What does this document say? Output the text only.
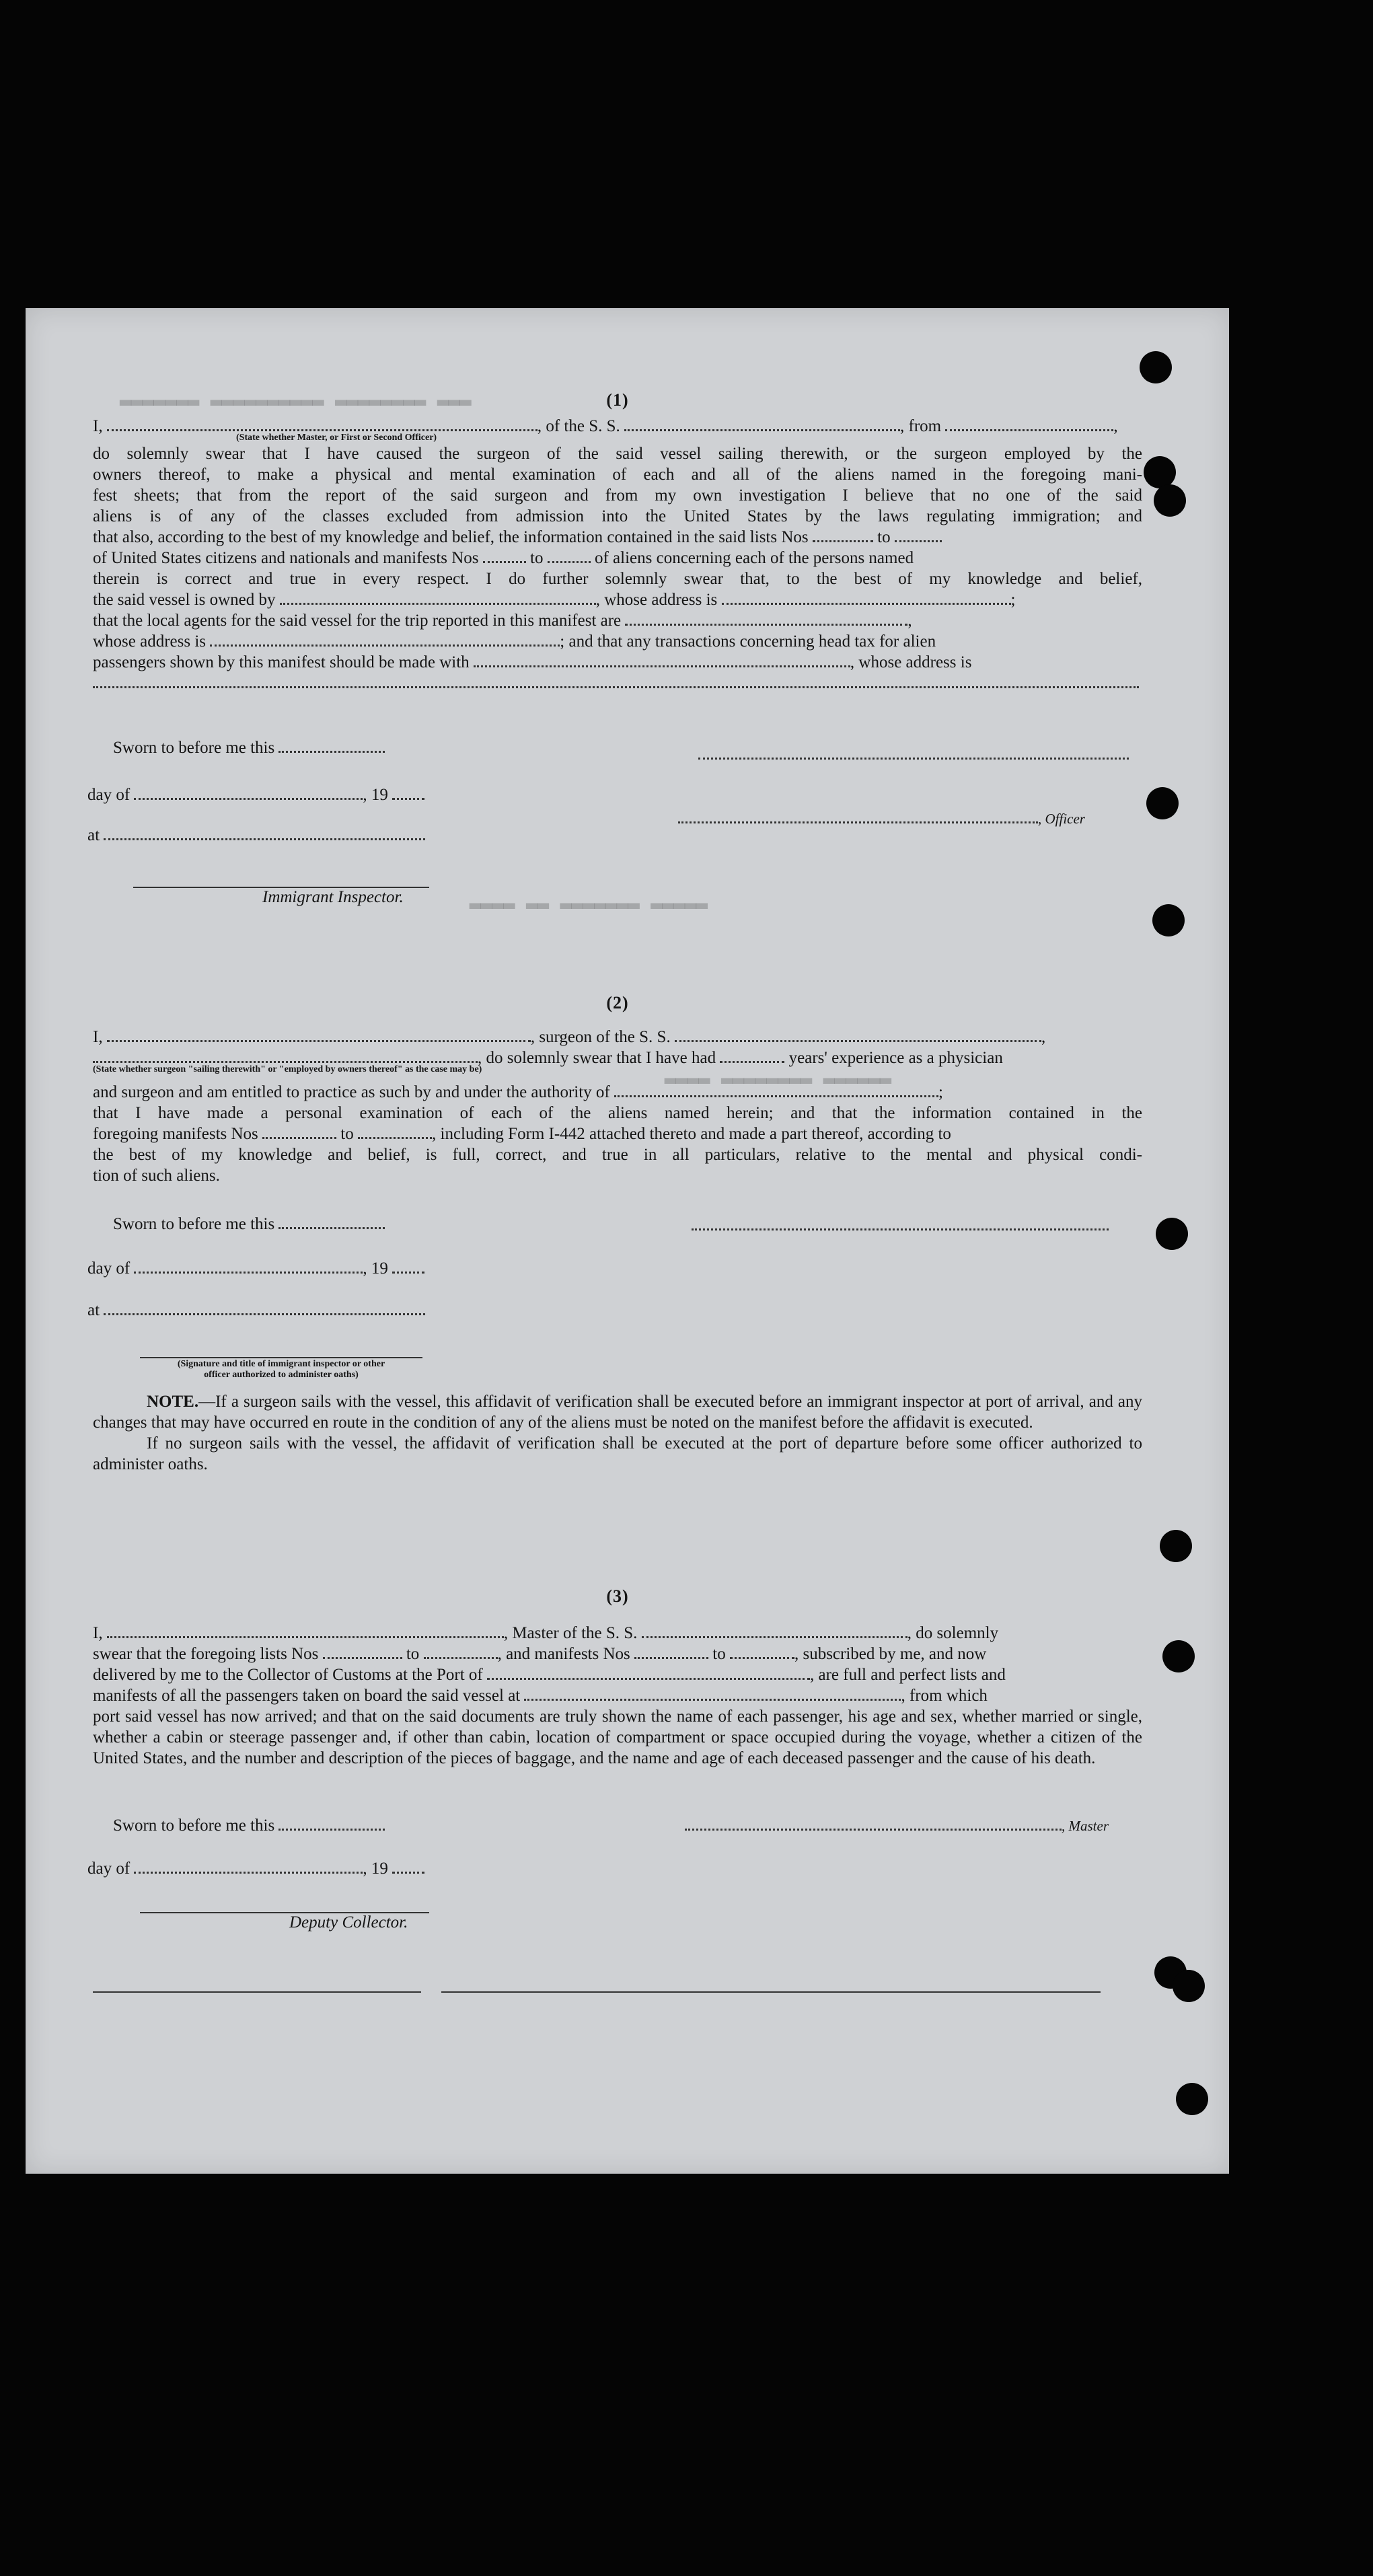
▂▂▂ ▂▂▂▂▂▂▂▂ ▂▂▂▂▂▂▂▂▂▂ ▂▂▂▂▂▂▂
▂▂▂▂ ▂▂ ▂▂▂▂▂▂▂ ▂▂▂▂▂
▂▂▂▂ ▂▂▂▂▂▂▂▂ ▂▂▂▂▂▂
(1)
I,	, of the S. S.	, from	,
(State whether Master, or First or Second Officer)
do solemnly swear that I have caused the surgeon of the said vessel sailing therewith, or the surgeon employed by the
owners thereof, to make a physical and mental examination of each and all of the aliens named in the foregoing mani-
fest sheets; that from the report of the said surgeon and from my own investigation I believe that no one of the said
aliens is of any of the classes excluded from admission into the United States by the laws regulating immigration; and
that also, according to the best of my knowledge and belief, the information contained in the said lists Nos	to
of United States citizens and nationals and manifests Nos	to	of aliens concerning each of the persons named
therein is correct and true in every respect. I do further solemnly swear that, to the best of my knowledge and belief,
the said vessel is owned by	, whose address is	;
that the local agents for the said vessel for the trip reported in this manifest are	,
whose address is	; and that any transactions concerning head tax for alien
passengers shown by this manifest should be made with	, whose address is
Sworn to before me this
day of	, 19
, Officer
at
Immigrant Inspector.
(2)
I,	, surgeon of the S. S.	,
, do solemnly swear that I have had	years' experience as a physician
(State whether surgeon "sailing therewith" or "employed by owners thereof" as the case may be)
and surgeon and am entitled to practice as such by and under the authority of	;
that I have made a personal examination of each of the aliens named herein; and that the information contained in the
foregoing manifests Nos	to	, including Form I-442 attached thereto and made a part thereof, according to
the best of my knowledge and belief, is full, correct, and true in all particulars, relative to the mental and physical condi-
tion of such aliens.
Sworn to before me this
day of	, 19
at
(Signature and title of immigrant inspector or other officer authorized to administer oaths)
NOTE.—If a surgeon sails with the vessel, this affidavit of verification shall be executed before an immigrant inspector at port of arrival, and any changes that may have occurred en route in the condition of any of the aliens must be noted on the manifest before the affidavit is executed.
If no surgeon sails with the vessel, the affidavit of verification shall be executed at the port of departure before some officer authorized to administer oaths.
(3)
I,	, Master of the S. S.	, do solemnly
swear that the foregoing lists Nos	to	, and manifests Nos	to	, subscribed by me, and now
delivered by me to the Collector of Customs at the Port of	, are full and perfect lists and
manifests of all the passengers taken on board the said vessel at	, from which
port said vessel has now arrived; and that on the said documents are truly shown the name of each passenger, his age and sex, whether married or single, whether a cabin or steerage passenger and, if other than cabin, location of compartment or space occupied during the voyage, whether a citizen of the United States, and the number and description of the pieces of baggage, and the name and age of each deceased passenger and the cause of his death.
Sworn to before me this	, Master
day of	, 19
Deputy Collector.
